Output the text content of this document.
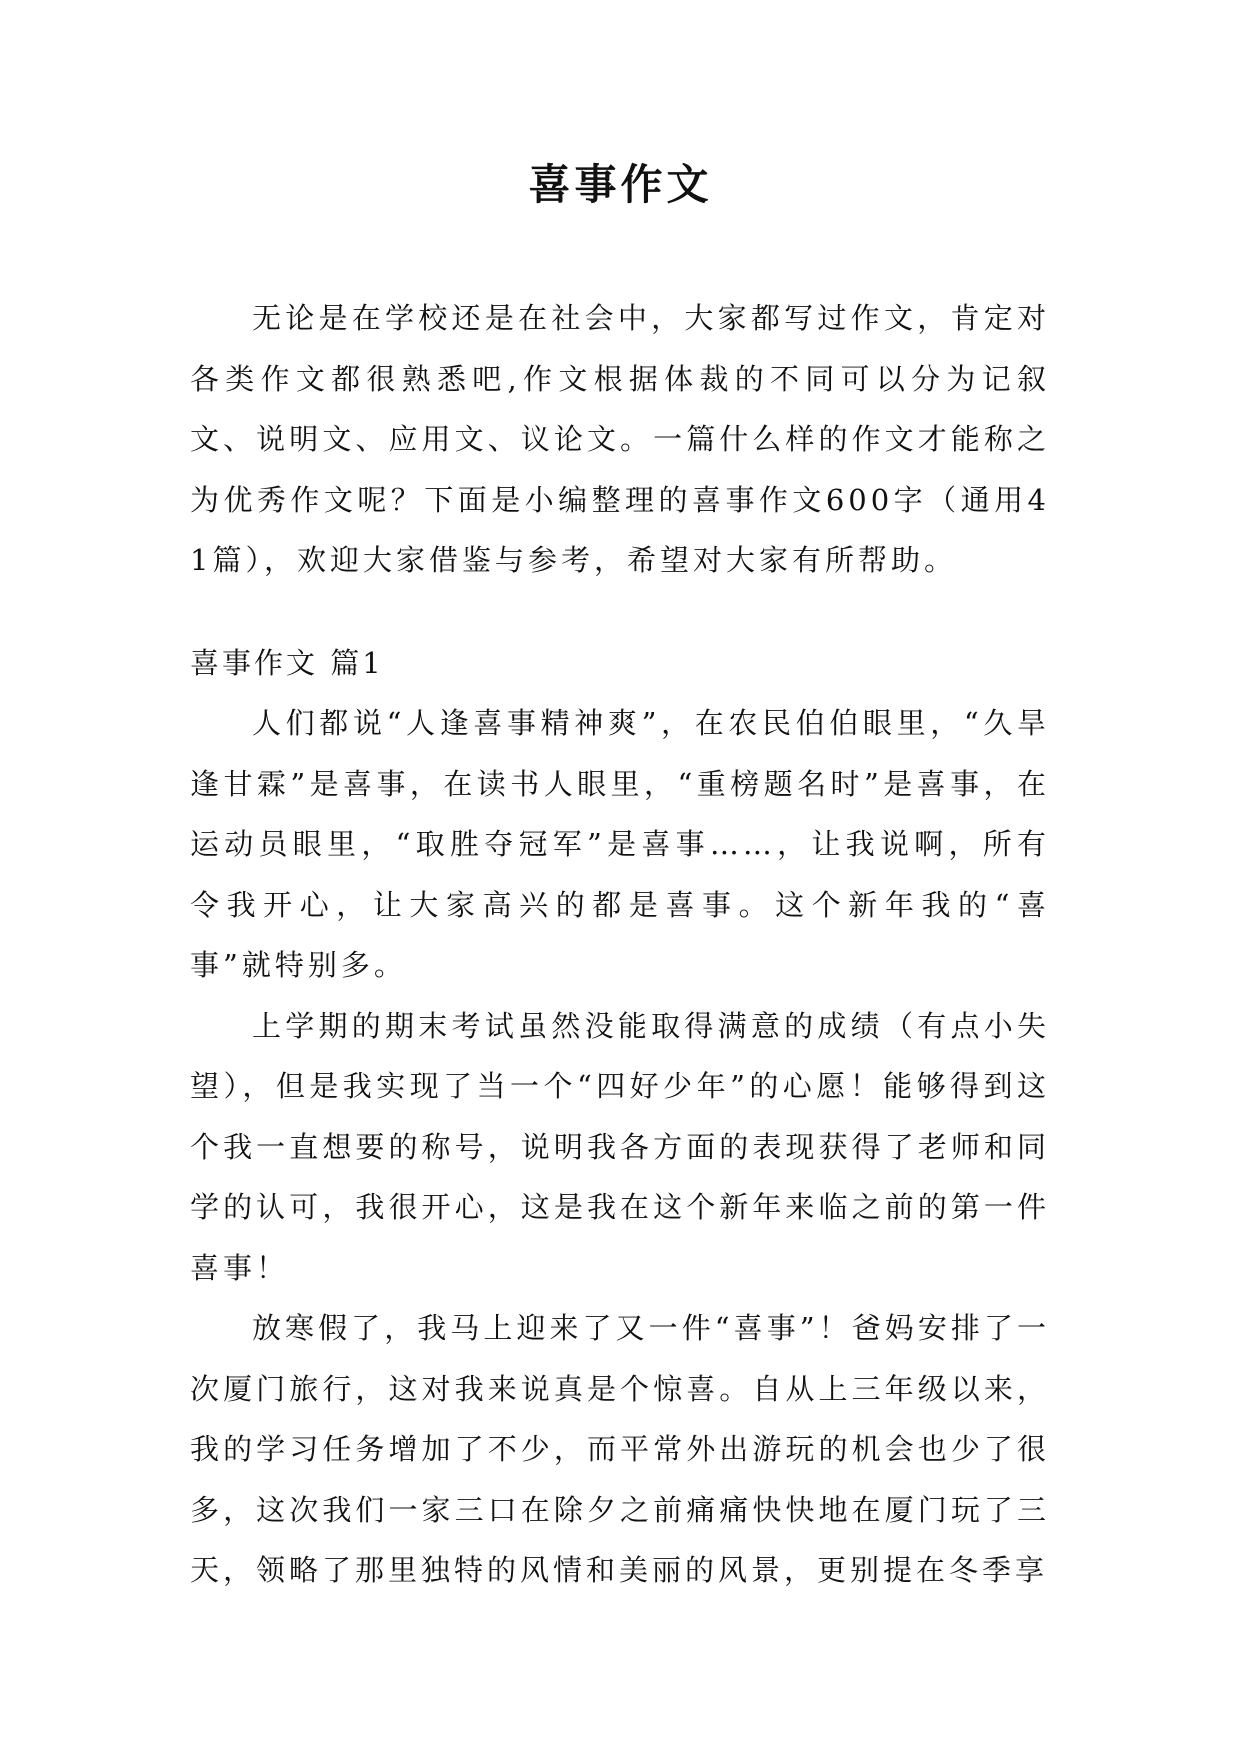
喜事作文

无论是在学校还是在社会中，大家都写过作文，肯定对各类作文都很熟悉吧,作文根据体裁的不同可以分为记叙文、说明文、应用文、议论文。一篇什么样的作文才能称之为优秀作文呢？下面是小编整理的喜事作文600字（通用41篇），欢迎大家借鉴与参考，希望对大家有所帮助。

喜事作文 篇1

人们都说“人逢喜事精神爽”，在农民伯伯眼里，“久旱逢甘霖”是喜事，在读书人眼里，“重榜题名时”是喜事，在运动员眼里，“取胜夺冠军”是喜事……，让我说啊，所有令我开心，让大家高兴的都是喜事。这个新年我的“喜事”就特别多。

上学期的期末考试虽然没能取得满意的成绩（有点小失望），但是我实现了当一个“四好少年”的心愿！能够得到这个我一直想要的称号，说明我各方面的表现获得了老师和同学的认可，我很开心，这是我在这个新年来临之前的第一件喜事！

放寒假了，我马上迎来了又一件“喜事”！爸妈安排了一次厦门旅行，这对我来说真是个惊喜。自从上三年级以来，我的学习任务增加了不少，而平常外出游玩的机会也少了很多，这次我们一家三口在除夕之前痛痛快快地在厦门玩了三天，领略了那里独特的风情和美丽的风景，更别提在冬季享
